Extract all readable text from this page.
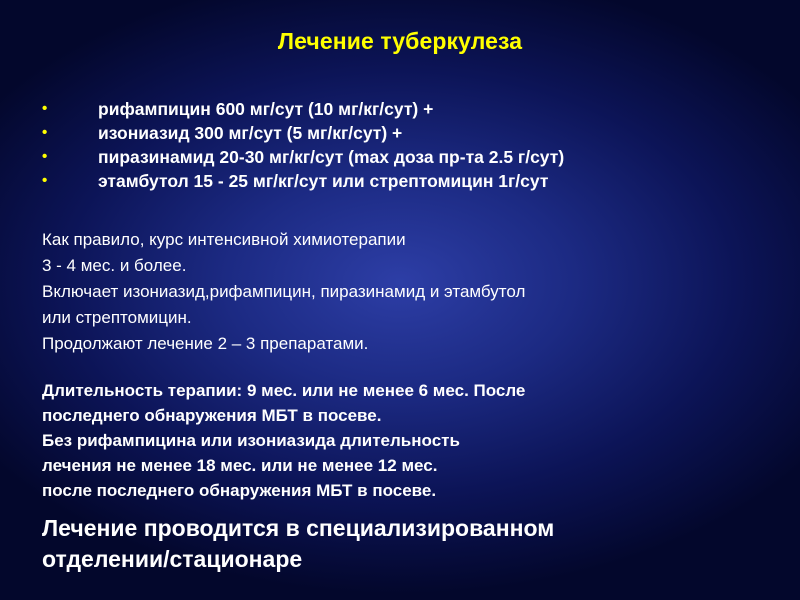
Лечение туберкулеза
•	рифампицин 600 мг/сут (10 мг/кг/сут) +
•	изониазид 300 мг/сут (5 мг/кг/сут) +
•	пиразинамид 20-30 мг/кг/сут (max доза пр-та 2.5 г/сут)
•	этамбутол 15 - 25 мг/кг/сут или стрептомицин 1г/сут
Как правило, курс интенсивной химиотерапии
3 - 4 мес. и более.
Включает изониазид,рифампицин, пиразинамид и этамбутол
или стрептомицин.
Продолжают лечение 2 – 3 препаратами.
Длительность терапии: 9 мес. или не менее 6 мес. После
последнего обнаружения МБТ в посеве.
Без рифампицина или изониазида длительность
лечения не менее 18 мес. или не менее 12 мес.
после последнего обнаружения МБТ в посеве.
Лечение проводится в специализированном
отделении/стационаре
